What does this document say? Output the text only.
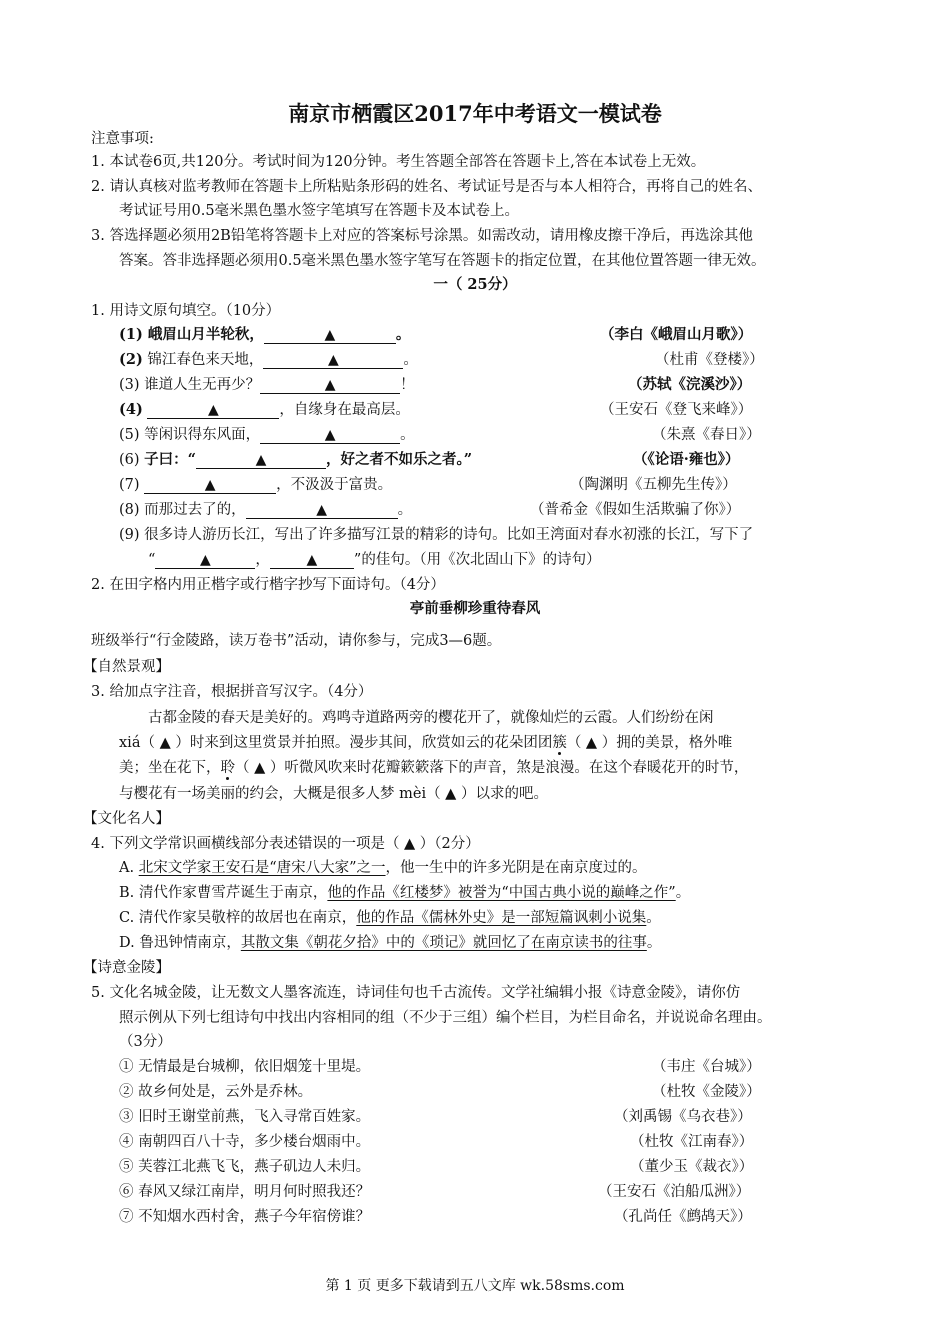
南京市栖霞区2017年中考语文一模试卷
注意事项:
1. 本试卷6页,共120分。考试时间为120分钟。考生答题全部答在答题卡上,答在本试卷上无效。
2. 请认真核对监考教师在答题卡上所粘贴条形码的姓名、考试证号是否与本人相符合，再将自己的姓名、
考试证号用0.5毫米黑色墨水签字笔填写在答题卡及本试卷上。
3. 答选择题必须用2B铅笔将答题卡上对应的答案标号涂黑。如需改动，请用橡皮擦干净后，再选涂其他
答案。答非选择题必须用0.5毫米黑色墨水签字笔写在答题卡的指定位置，在其他位置答题一律无效。
一（ 25分）
1. 用诗文原句填空。（10分）
(1) 峨眉山月半轮秋，	▲	。	（李白《峨眉山月歌》）
(2) 锦江春色来天地，	▲	。	（杜甫《登楼》）
(3) 谁道人生无再少？	▲	！	（苏轼《浣溪沙》）
(4)	▲	，自缘身在最高层。	（王安石《登飞来峰》）
(5) 等闲识得东风面，	▲	。	（朱熹《春日》）
(6) 子曰：“	▲	，好之者不如乐之者。”	（《论语·雍也》）
(7)	▲	，不汲汲于富贵。	（陶渊明《五柳先生传》）
(8) 而那过去了的，	▲	。	（普希金《假如生活欺骗了你》）
(9) 很多诗人游历长江，写出了许多描写江景的精彩的诗句。比如王湾面对春水初涨的长江，写下了
“	▲	，	▲	”的佳句。（用《次北固山下》的诗句）
2. 在田字格内用正楷字或行楷字抄写下面诗句。（4分）
亭前垂柳珍重待春风
班级举行“行金陵路，读万卷书”活动，请你参与，完成3—6题。
【自然景观】
3. 给加点字注音，根据拼音写汉字。（4分）
古都金陵的春天是美好的。鸡鸣寺道路两旁的樱花开了，就像灿烂的云霞。人们纷纷在闲
xiá（ ▲ ）时来到这里赏景并拍照。漫步其间，欣赏如云的花朵团团簇（ ▲ ）拥的美景，格外唯
美；坐在花下，聆（ ▲ ）听微风吹来时花瓣簌簌落下的声音，煞是浪漫。在这个春暖花开的时节，
与樱花有一场美丽的约会，大概是很多人梦 mèi（ ▲ ）以求的吧。
【文化名人】
4. 下列文学常识画横线部分表述错误的一项是（ ▲ ）（2分）
A. 北宋文学家王安石是“唐宋八大家”之一，他一生中的许多光阴是在南京度过的。
B. 清代作家曹雪芹诞生于南京，他的作品《红楼梦》被誉为“中国古典小说的巅峰之作”。
C. 清代作家吴敬梓的故居也在南京，他的作品《儒林外史》是一部短篇讽刺小说集。
D. 鲁迅钟情南京，其散文集《朝花夕拾》中的《琐记》就回忆了在南京读书的往事。
【诗意金陵】
5. 文化名城金陵，让无数文人墨客流连，诗词佳句也千古流传。文学社编辑小报《诗意金陵》，请你仿
照示例从下列七组诗句中找出内容相同的组（不少于三组）编个栏目，为栏目命名，并说说命名理由。
（3分）
① 无情最是台城柳，依旧烟笼十里堤。	（韦庄《台城》）
② 故乡何处是，云外是乔林。	（杜牧《金陵》）
③ 旧时王谢堂前燕，飞入寻常百姓家。	（刘禹锡《乌衣巷》）
④ 南朝四百八十寺，多少楼台烟雨中。	（杜牧《江南春》）
⑤ 芙蓉江北燕飞飞，燕子矶边人未归。	（董少玉《裁衣》）
⑥ 春风又绿江南岸，明月何时照我还？	（王安石《泊船瓜洲》）
⑦ 不知烟水西村舍，燕子今年宿傍谁？	（孔尚任《鹧鸪天》）
第 1 页 更多下载请到五八文库 wk.58sms.com
